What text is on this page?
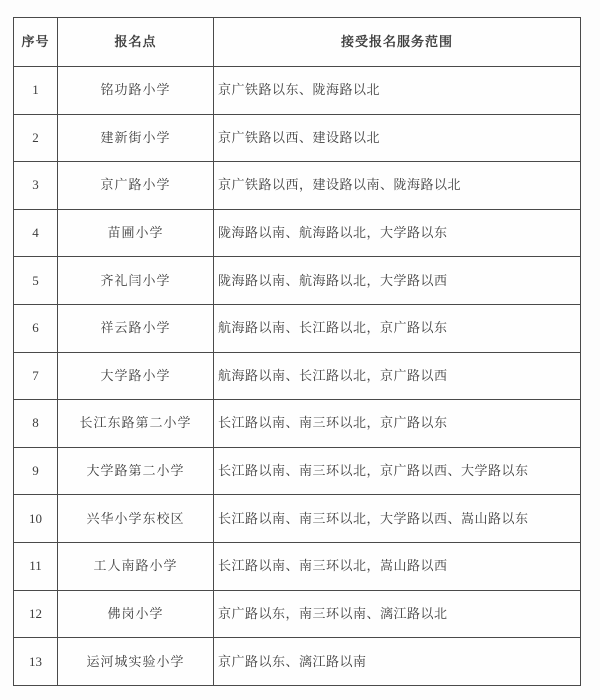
序号	报名点	接受报名服务范围
1	铭功路小学	京广铁路以东、陇海路以北
2	建新街小学	京广铁路以西、建设路以北
3	京广路小学	京广铁路以西，建设路以南、陇海路以北
4	苗圃小学	陇海路以南、航海路以北，大学路以东
5	齐礼闫小学	陇海路以南、航海路以北，大学路以西
6	祥云路小学	航海路以南、长江路以北，京广路以东
7	大学路小学	航海路以南、长江路以北，京广路以西
8	长江东路第二小学	长江路以南、南三环以北，京广路以东
9	大学路第二小学	长江路以南、南三环以北，京广路以西、大学路以东
10	兴华小学东校区	长江路以南、南三环以北，大学路以西、嵩山路以东
11	工人南路小学	长江路以南、南三环以北，嵩山路以西
12	佛岗小学	京广路以东，南三环以南、漓江路以北
13	运河城实验小学	京广路以东、漓江路以南
